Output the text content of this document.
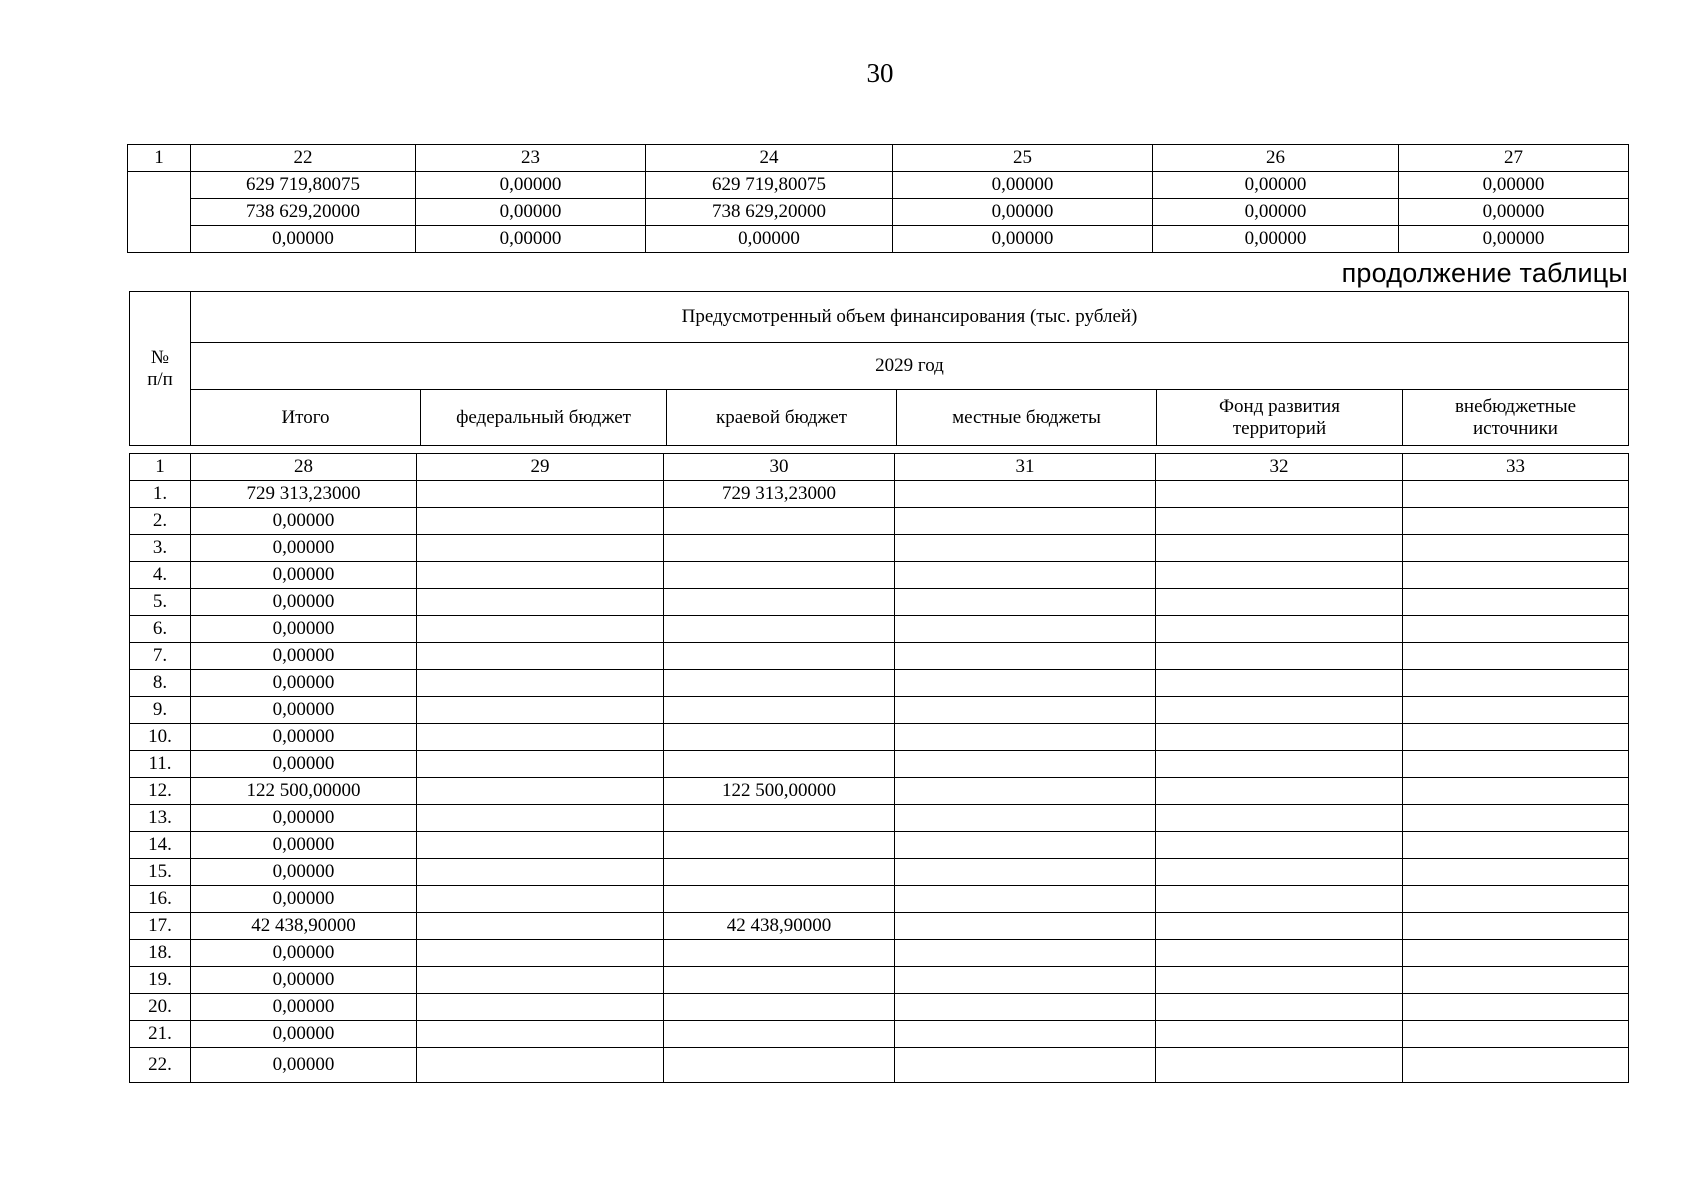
30
1	22	23	24	25	26	27
	629 719,80075	0,00000	629 719,80075	0,00000	0,00000	0,00000
	738 629,20000	0,00000	738 629,20000	0,00000	0,00000	0,00000
	0,00000	0,00000	0,00000	0,00000	0,00000	0,00000
продолжение таблицы
№
п/п	Предусмотренный объем финансирования (тыс. рублей)					
	2029 год					
	Итого	федеральный бюджет	краевой бюджет	местные бюджеты	Фонд развития территорий	внебюджетные источники
1	28	29	30	31	32	33
1.	729 313,23000		729 313,23000			
2.	0,00000					
3.	0,00000					
4.	0,00000					
5.	0,00000					
6.	0,00000					
7.	0,00000					
8.	0,00000					
9.	0,00000					
10.	0,00000					
11.	0,00000					
12.	122 500,00000		122 500,00000			
13.	0,00000					
14.	0,00000					
15.	0,00000					
16.	0,00000					
17.	42 438,90000		42 438,90000			
18.	0,00000					
19.	0,00000					
20.	0,00000					
21.	0,00000					
22.	0,00000					
